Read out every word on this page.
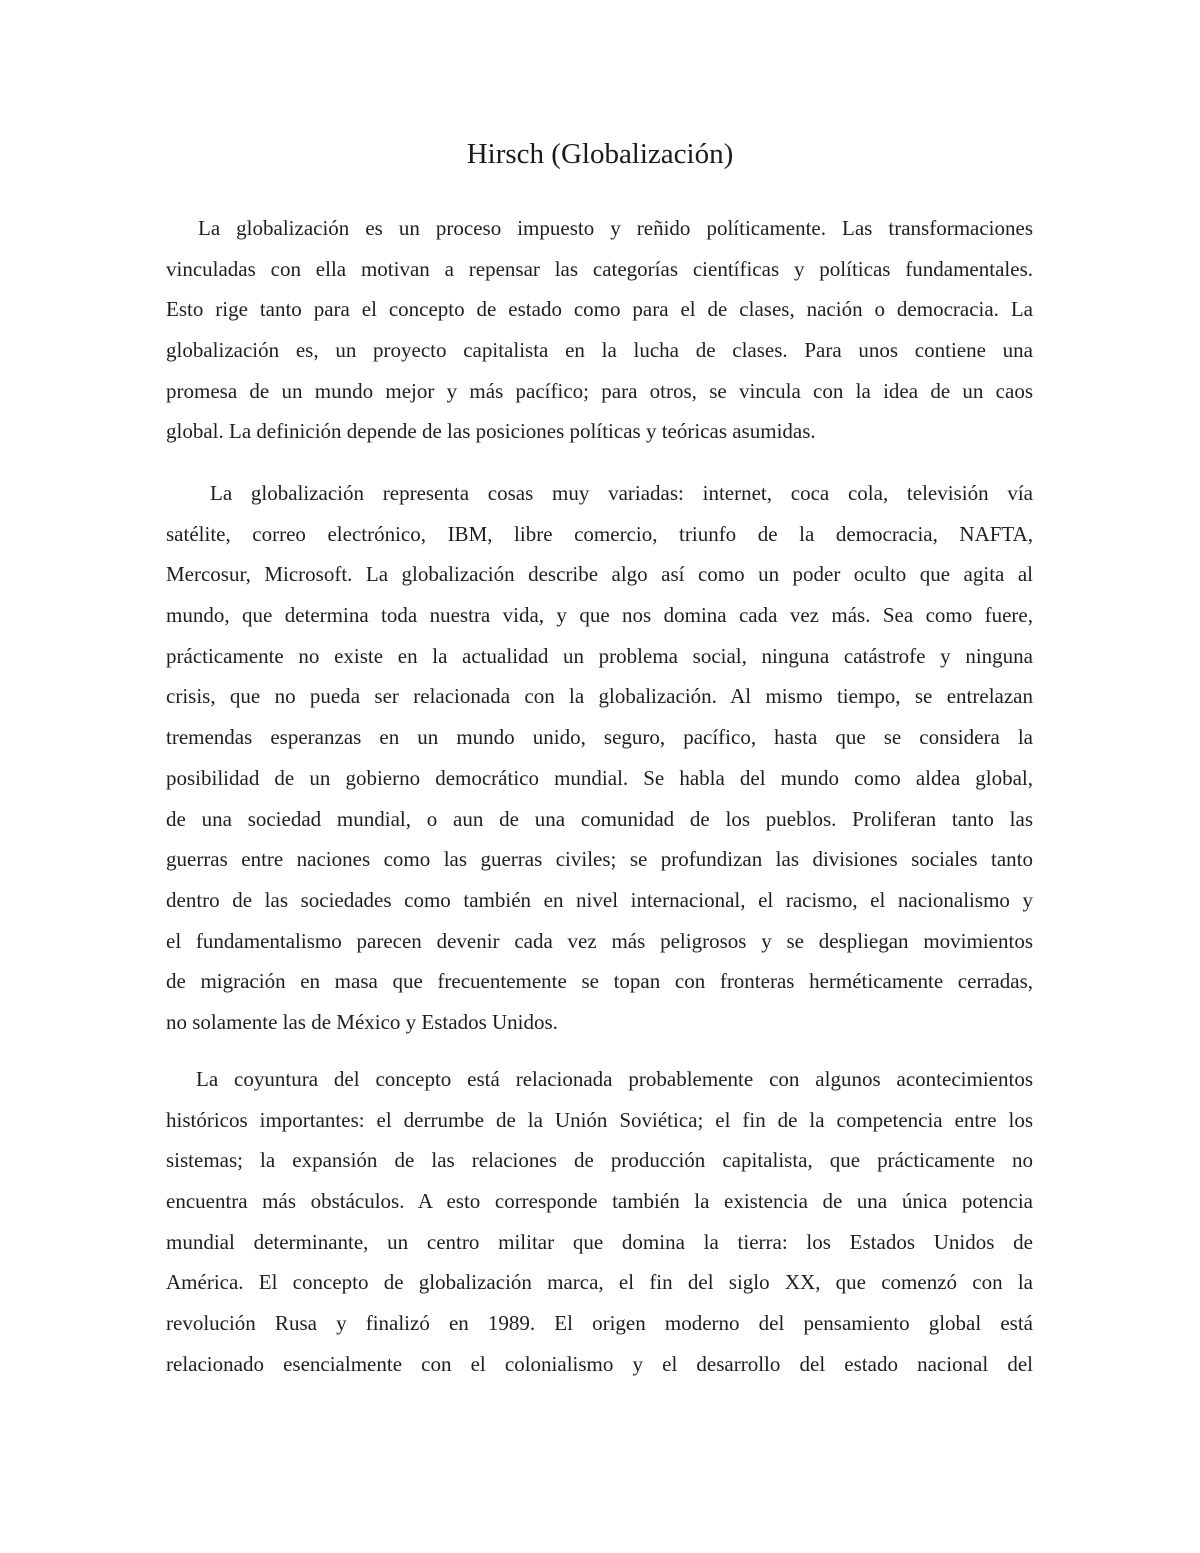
Hirsch (Globalización)
La globalización es un proceso impuesto y reñido políticamente. Las transformaciones
vinculadas con ella motivan a repensar las categorías científicas y políticas fundamentales.
Esto rige tanto para el concepto de estado como para el de clases, nación o democracia. La
globalización es, un proyecto capitalista en la lucha de clases. Para unos contiene una
promesa de un mundo mejor y más pacífico; para otros, se vincula con la idea de un caos
global. La definición depende de las posiciones políticas y teóricas asumidas.
La globalización representa cosas muy variadas: internet, coca cola, televisión vía
satélite, correo electrónico, IBM, libre comercio, triunfo de la democracia, NAFTA,
Mercosur, Microsoft. La globalización describe algo así como un poder oculto que agita al
mundo, que determina toda nuestra vida, y que nos domina cada vez más. Sea como fuere,
prácticamente no existe en la actualidad un problema social, ninguna catástrofe y ninguna
crisis, que no pueda ser relacionada con la globalización. Al mismo tiempo, se entrelazan
tremendas esperanzas en un mundo unido, seguro, pacífico, hasta que se considera la
posibilidad de un gobierno democrático mundial. Se habla del mundo como aldea global,
de una sociedad mundial, o aun de una comunidad de los pueblos. Proliferan tanto las
guerras entre naciones como las guerras civiles; se profundizan las divisiones sociales tanto
dentro de las sociedades como también en nivel internacional, el racismo, el nacionalismo y
el fundamentalismo parecen devenir cada vez más peligrosos y se despliegan movimientos
de migración en masa que frecuentemente se topan con fronteras herméticamente cerradas,
no solamente las de México y Estados Unidos.
La coyuntura del concepto está relacionada probablemente con algunos acontecimientos
históricos importantes: el derrumbe de la Unión Soviética; el fin de la competencia entre los
sistemas; la expansión de las relaciones de producción capitalista, que prácticamente no
encuentra más obstáculos. A esto corresponde también la existencia de una única potencia
mundial determinante, un centro militar que domina la tierra: los Estados Unidos de
América. El concepto de globalización marca, el fin del siglo XX, que comenzó con la
revolución Rusa y finalizó en 1989. El origen moderno del pensamiento global está
relacionado esencialmente con el colonialismo y el desarrollo del estado nacional del
